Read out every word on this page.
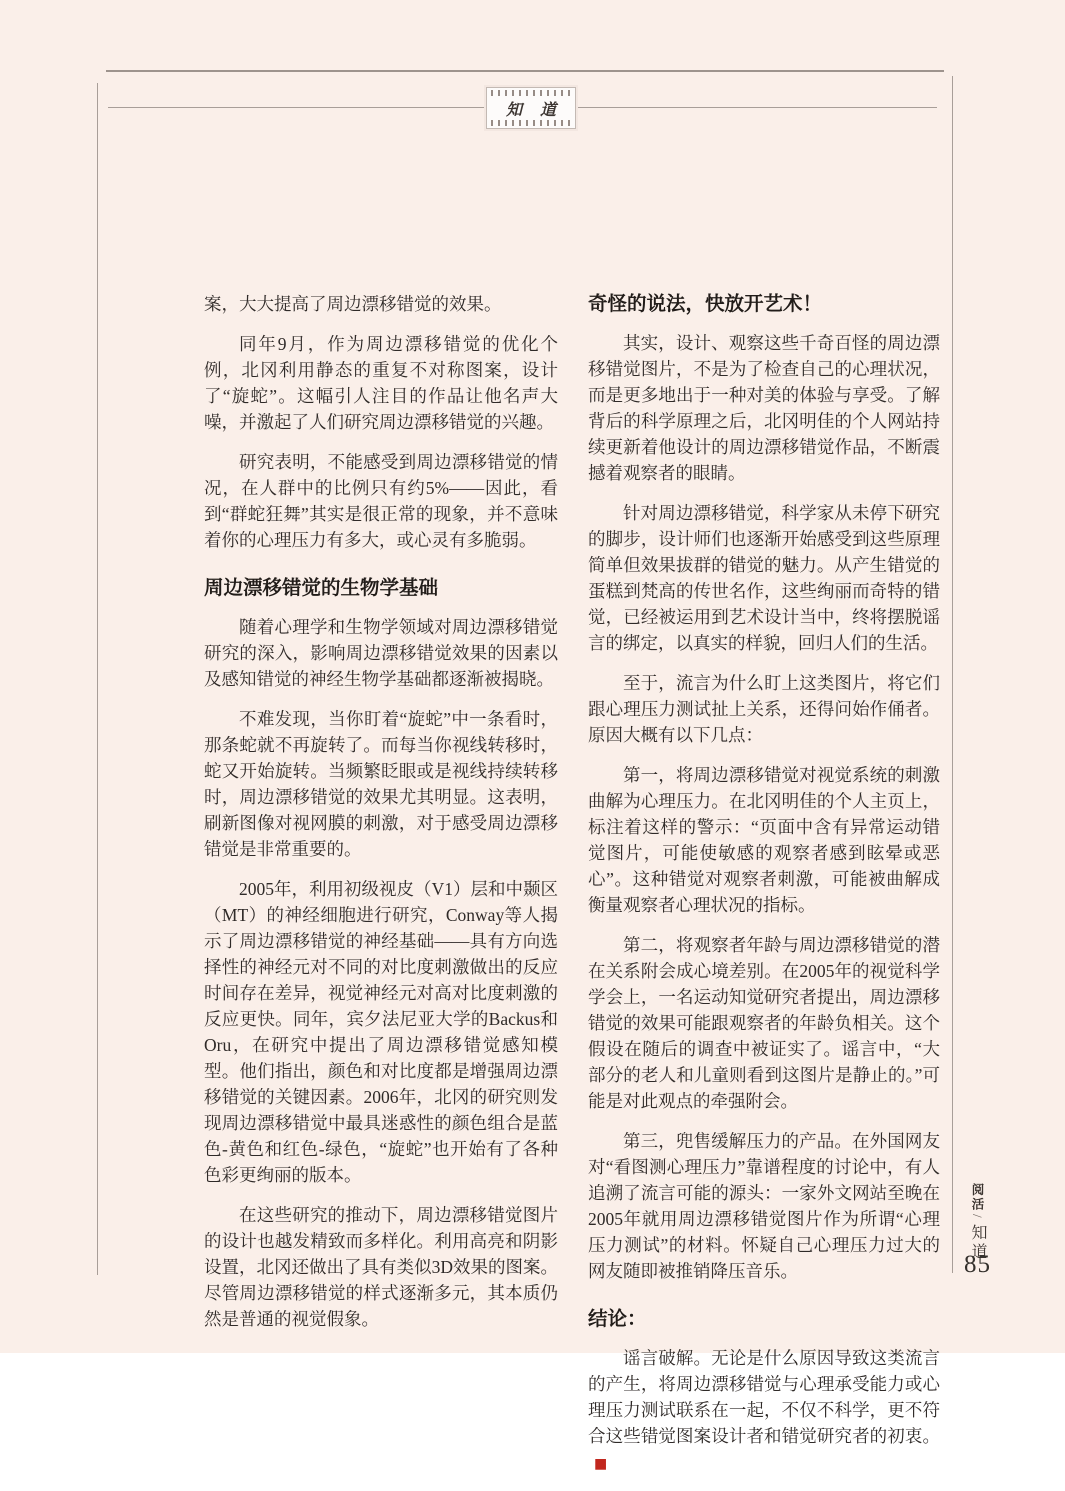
知道

案，大大提高了周边漂移错觉的效果。

同年9月，作为周边漂移错觉的优化个例，北冈利用静态的重复不对称图案，设计了“旋蛇”。这幅引人注目的作品让他名声大噪，并激起了人们研究周边漂移错觉的兴趣。

研究表明，不能感受到周边漂移错觉的情况，在人群中的比例只有约5%——因此，看到“群蛇狂舞”其实是很正常的现象，并不意味着你的心理压力有多大，或心灵有多脆弱。

周边漂移错觉的生物学基础

随着心理学和生物学领域对周边漂移错觉研究的深入，影响周边漂移错觉效果的因素以及感知错觉的神经生物学基础都逐渐被揭晓。

不难发现，当你盯着“旋蛇”中一条看时，那条蛇就不再旋转了。而每当你视线转移时，蛇又开始旋转。当频繁眨眼或是视线持续转移时，周边漂移错觉的效果尤其明显。这表明，刷新图像对视网膜的刺激，对于感受周边漂移错觉是非常重要的。

2005年，利用初级视皮（V1）层和中颞区（MT）的神经细胞进行研究，Conway等人揭示了周边漂移错觉的神经基础——具有方向选择性的神经元对不同的对比度刺激做出的反应时间存在差异，视觉神经元对高对比度刺激的反应更快。同年，宾夕法尼亚大学的Backus和Oru，在研究中提出了周边漂移错觉感知模型。他们指出，颜色和对比度都是增强周边漂移错觉的关键因素。2006年，北冈的研究则发现周边漂移错觉中最具迷惑性的颜色组合是蓝色-黄色和红色-绿色，“旋蛇”也开始有了各种色彩更绚丽的版本。

在这些研究的推动下，周边漂移错觉图片的设计也越发精致而多样化。利用高亮和阴影设置，北冈还做出了具有类似3D效果的图案。尽管周边漂移错觉的样式逐渐多元，其本质仍然是普通的视觉假象。

奇怪的说法，快放开艺术！

其实，设计、观察这些千奇百怪的周边漂移错觉图片，不是为了检查自己的心理状况，而是更多地出于一种对美的体验与享受。了解背后的科学原理之后，北冈明佳的个人网站持续更新着他设计的周边漂移错觉作品，不断震撼着观察者的眼睛。

针对周边漂移错觉，科学家从未停下研究的脚步，设计师们也逐渐开始感受到这些原理简单但效果拔群的错觉的魅力。从产生错觉的蛋糕到梵高的传世名作，这些绚丽而奇特的错觉，已经被运用到艺术设计当中，终将摆脱谣言的绑定，以真实的样貌，回归人们的生活。

至于，流言为什么盯上这类图片，将它们跟心理压力测试扯上关系，还得问始作俑者。原因大概有以下几点：

第一，将周边漂移错觉对视觉系统的刺激曲解为心理压力。在北冈明佳的个人主页上，标注着这样的警示：“页面中含有异常运动错觉图片，可能使敏感的观察者感到眩晕或恶心”。这种错觉对观察者刺激，可能被曲解成衡量观察者心理状况的指标。

第二，将观察者年龄与周边漂移错觉的潜在关系附会成心境差别。在2005年的视觉科学学会上，一名运动知觉研究者提出，周边漂移错觉的效果可能跟观察者的年龄负相关。这个假设在随后的调查中被证实了。谣言中，“大部分的老人和儿童则看到这图片是静止的。”可能是对此观点的牵强附会。

第三，兜售缓解压力的产品。在外国网友对“看图测心理压力”靠谱程度的讨论中，有人追溯了流言可能的源头：一家外文网站至晚在2005年就用周边漂移错觉图片作为所谓“心理压力测试”的材料。怀疑自己心理压力过大的网友随即被推销降压音乐。

结论：

谣言破解。无论是什么原因导致这类流言的产生，将周边漂移错觉与心理承受能力或心理压力测试联系在一起，不仅不科学，更不符合这些错觉图案设计者和错觉研究者的初衷。■

阅活/知道
85
